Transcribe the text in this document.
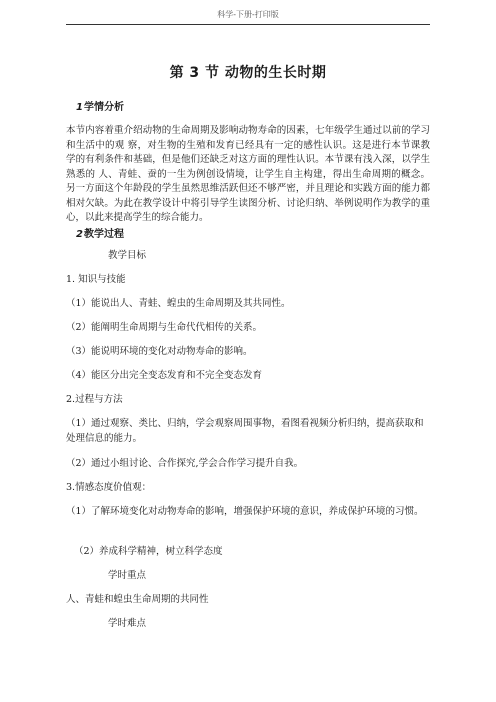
科学-下册-打印版
第 3 节 动物的生长时期
1学情分析

本节内容着重介绍动物的生命周期及影响动物寿命的因素，七年级学生通过以前的学习和生活中的观 察，对生物的生殖和发育已经具有一定的感性认识。这是进行本节课教学的有利条件和基础，但是他们还缺乏对这方面的理性认识。本节课有浅入深，以学生熟悉的 人、青蛙、蚕的一生为例创设情境，让学生自主构建，得出生命周期的概念。另一方面这个年龄段的学生虽然思维活跃但还不够严密，并且理论和实践方面的能力都 相对欠缺。为此在教学设计中将引导学生读图分析、讨论归纳、举例说明作为教学的重心，以此来提高学生的综合能力。

2教学过程

教学目标

1. 知识与技能

（1）能说出人、青蛙、蝗虫的生命周期及其共同性。

（2）能阐明生命周期与生命代代相传的关系。

（3）能说明环境的变化对动物寿命的影响。

（4）能区分出完全变态发育和不完全变态发育

2.过程与方法

（1）通过观察、类比、归纳，学会观察周围事物，看图看视频分析归纳，提高获取和处理信息的能力。

（2）通过小组讨论、合作探究,学会合作学习提升自我。

3.情感态度价值观：

（1）了解环境变化对动物寿命的影响，增强保护环境的意识，养成保护环境的习惯。

（2）养成科学精神，树立科学态度

学时重点

人、青蛙和蝗虫生命周期的共同性

学时难点
